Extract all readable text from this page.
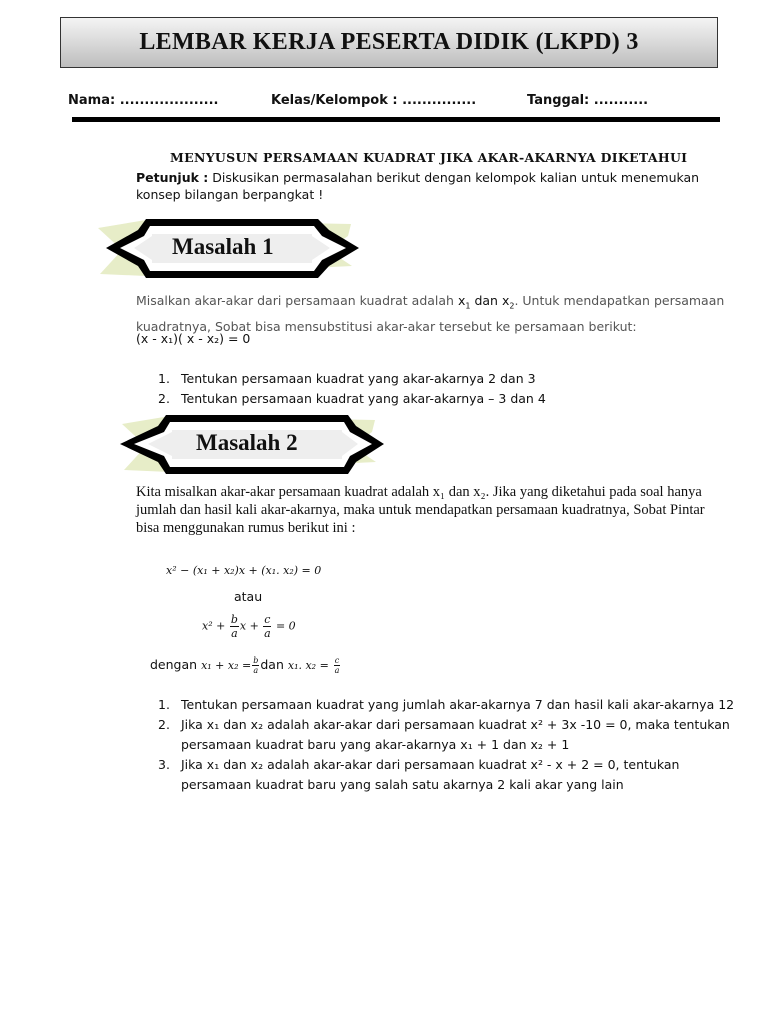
LEMBAR KERJA PESERTA DIDIK (LKPD) 3
Nama: ....................	Kelas/Kelompok : ...............	Tanggal: ...........
MENYUSUN PERSAMAAN KUADRAT JIKA AKAR-AKARNYA DIKETAHUI
Petunjuk : Diskusikan permasalahan berikut dengan kelompok kalian untuk menemukan konsep bilangan berpangkat !
Masalah 1
Misalkan akar-akar dari persamaan kuadrat adalah $x_1$ dan $x_2$. Untuk mendapatkan persamaan kuadratnya, Sobat bisa mensubstitusi akar-akar tersebut ke persamaan berikut:
(x - x₁)( x - x₂) = 0
1. Tentukan persamaan kuadrat yang akar-akarnya 2 dan 3
2. Tentukan persamaan kuadrat yang akar-akarnya – 3 dan 4
Masalah 2
Kita misalkan akar-akar persamaan kuadrat adalah x₁ dan x₂. Jika yang diketahui pada soal hanya jumlah dan hasil kali akar-akarnya, maka untuk mendapatkan persamaan kuadratnya, Sobat Pintar bisa menggunakan rumus berikut ini :
x² − (x₁ + x₂)x + (x₁. x₂) = 0
atau
$x^2 + \frac{b}{a}$ $x + \frac{c}{a} = 0$
dengan $x_1 + x_2 = \frac{b}{a}$ dan x₁. $x_2 = \frac{c}{a}$
1. Tentukan persamaan kuadrat yang jumlah akar-akarnya 7 dan hasil kali akar-akarnya 12
2. Jika x₁ dan x₂ adalah akar-akar dari persamaan kuadrat x² + 3x -10 = 0, maka tentukan persamaan kuadrat baru yang akar-akarnya x₁ + 1 dan x₂ + 1
3. Jika x₁ dan x₂ adalah akar-akar dari persamaan kuadrat x² - x + 2 = 0, tentukan persamaan kuadrat baru yang salah satu akarnya 2 kali akar yang lain
